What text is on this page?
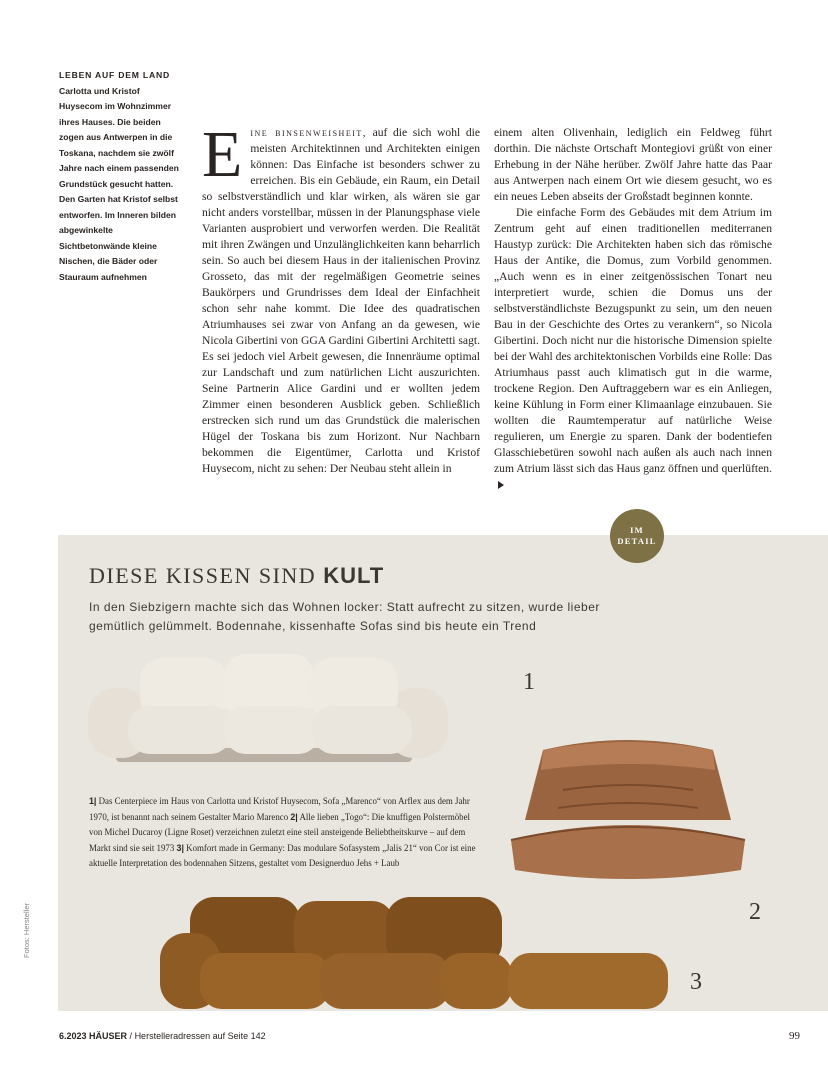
LEBEN AUF DEM LAND
Carlotta und Kristof Huysecom im Wohnzimmer ihres Hauses. Die beiden zogen aus Antwerpen in die Toskana, nachdem sie zwölf Jahre nach einem passenden Grundstück gesucht hatten. Den Garten hat Kristof selbst entworfen. Im Inneren bilden abgewinkelte Sichtbetonwände kleine Nischen, die Bäder oder Stauraum aufnehmen

Eine binsenweisheit, auf die sich wohl die meisten Architektinnen und Architekten einigen können: Das Einfache ist besonders schwer zu erreichen. Bis ein Gebäude, ein Raum, ein Detail so selbstverständlich und klar wirken, als wären sie gar nicht anders vorstellbar, müssen in der Planungsphase viele Varianten ausprobiert und verworfen werden. Die Realität mit ihren Zwängen und Unzulänglichkeiten kann beharrlich sein. So auch bei diesem Haus in der italienischen Provinz Grosseto, das mit der regelmäßigen Geometrie seines Baukörpers und Grundrisses dem Ideal der Einfachheit schon sehr nahe kommt. Die Idee des quadratischen Atriumhauses sei zwar von Anfang an da gewesen, wie Nicola Gibertini von GGA Gardini Gibertini Architetti sagt. Es sei jedoch viel Arbeit gewesen, die Innenräume optimal zur Landschaft und zum natürlichen Licht auszurichten. Seine Partnerin Alice Gardini und er wollten jedem Zimmer einen besonderen Ausblick geben. Schließlich erstrecken sich rund um das Grundstück die malerischen Hügel der Toskana bis zum Horizont. Nur Nachbarn bekommen die Eigentümer, Carlotta und Kristof Huysecom, nicht zu sehen: Der Neubau steht allein in

einem alten Olivenhain, lediglich ein Feldweg führt dorthin. Die nächste Ortschaft Montegiovi grüßt von einer Erhebung in der Nähe herüber. Zwölf Jahre hatte das Paar aus Antwerpen nach einem Ort wie diesem gesucht, wo es ein neues Leben abseits der Großstadt beginnen konnte.

Die einfache Form des Gebäudes mit dem Atrium im Zentrum geht auf einen traditionellen mediterranen Haustyp zurück: Die Architekten haben sich das römische Haus der Antike, die Domus, zum Vorbild genommen. „Auch wenn es in einer zeitgenössischen Tonart neu interpretiert wurde, schien die Domus uns der selbstverständlichste Bezugspunkt zu sein, um den neuen Bau in der Geschichte des Ortes zu verankern“, so Nicola Gibertini. Doch nicht nur die historische Dimension spielte bei der Wahl des architektonischen Vorbilds eine Rolle: Das Atriumhaus passt auch klimatisch gut in die warme, trockene Region. Den Auftraggebern war es ein Anliegen, keine Kühlung in Form einer Klimaanlage einzubauen. Sie wollten die Raumtemperatur auf natürliche Weise regulieren, um Energie zu sparen. Dank der bodentiefen Glasschiebetüren sowohl nach außen als auch nach innen zum Atrium lässt sich das Haus ganz öffnen und querlüften.

IM
DETAIL
DIESE KISSEN SIND KULT
In den Siebzigern machte sich das Wohnen locker: Statt aufrecht zu sitzen, wurde lieber gemütlich gelümmelt. Bodennahe, kissenhafte Sofas sind bis heute ein Trend
1
2
3
1| Das Centerpiece im Haus von Carlotta und Kristof Huysecom, Sofa „Marenco“ von Arflex aus dem Jahr 1970, ist benannt nach seinem Gestalter Mario Marenco 2| Alle lieben „Togo“: Die knuffigen Polstermöbel von Michel Ducaroy (Ligne Roset) verzeichnen zuletzt eine steil ansteigende Beliebtheitskurve – auf dem Markt sind sie seit 1973 3| Komfort made in Germany: Das modulare Sofasystem „Jalis 21“ von Cor ist eine aktuelle Interpretation des bodennahen Sitzens, gestaltet vom Designerduo Jehs + Laub
Fotos: Hersteller
6.2023 HÄUSER / Herstelleradressen auf Seite 142	99
